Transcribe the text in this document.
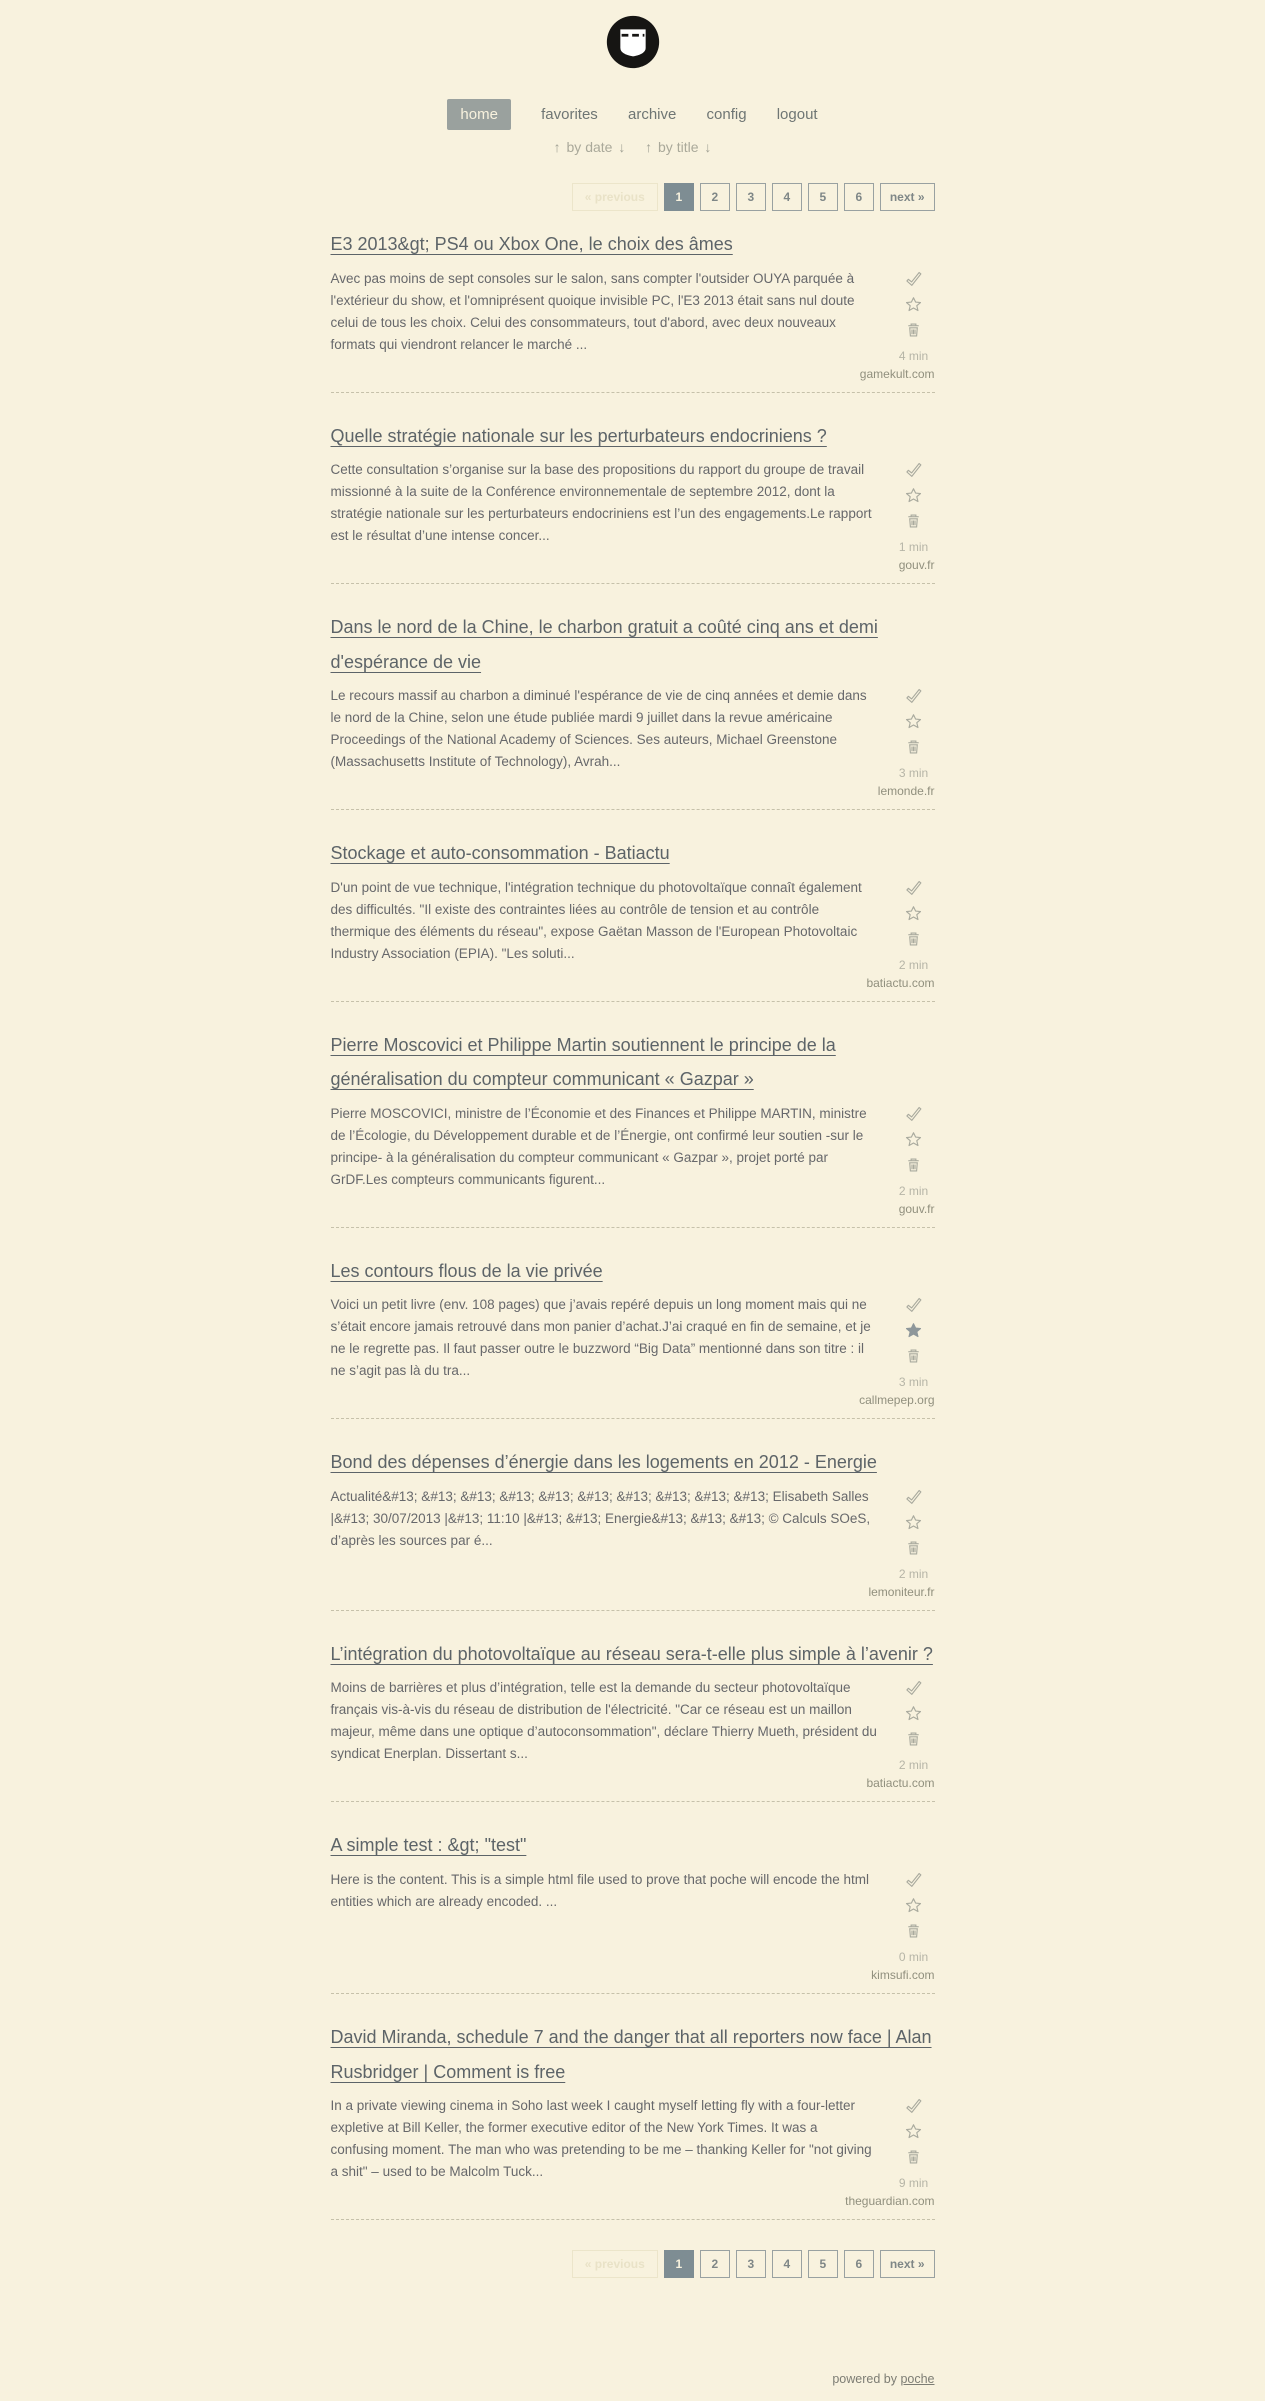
home	favorites archive config logout
↑ by date ↓ ↑ by title ↓
« previous	1	2	3	4	5	6	next »
E3 2013&gt; PS4 ou Xbox One, le choix des âmes

Avec pas moins de sept consoles sur le salon, sans compter l'outsider OUYA parquée à l'extérieur du show, et l'omniprésent quoique invisible PC, l'E3 2013 était sans nul doute celui de tous les choix. Celui des consommateurs, tout d'abord, avec deux nouveaux formats qui viendront relancer le marché ...

4 min
gamekult.com
Quelle stratégie nationale sur les perturbateurs endocriniens ?

Cette consultation s’organise sur la base des propositions du rapport du groupe de travail missionné à la suite de la Conférence environnementale de septembre 2012, dont la stratégie nationale sur les perturbateurs endocriniens est l’un des engagements.Le rapport est le résultat d’une intense concer...

1 min
gouv.fr
Dans le nord de la Chine, le charbon gratuit a coûté cinq ans et demi d'espérance de vie

Le recours massif au charbon a diminué l'espérance de vie de cinq années et demie dans le nord de la Chine, selon une étude publiée mardi 9 juillet dans la revue américaine Proceedings of the National Academy of Sciences. Ses auteurs, Michael Greenstone (Massachusetts Institute of Technology), Avrah...

3 min
lemonde.fr
Stockage et auto-consommation - Batiactu

D'un point de vue technique, l'intégration technique du photovoltaïque connaît également des difficultés. "Il existe des contraintes liées au contrôle de tension et au contrôle thermique des éléments du réseau", expose Gaëtan Masson de l'European Photovoltaic Industry Association (EPIA). "Les soluti...

2 min
batiactu.com
Pierre Moscovici et Philippe Martin soutiennent le principe de la généralisation du compteur communicant « Gazpar »

Pierre MOSCOVICI, ministre de l’Économie et des Finances et Philippe MARTIN, ministre de l’Écologie, du Développement durable et de l’Énergie, ont confirmé leur soutien -sur le principe- à la généralisation du compteur communicant « Gazpar », projet porté par GrDF.Les compteurs communicants figurent...

2 min
gouv.fr
Les contours flous de la vie privée

Voici un petit livre (env. 108 pages) que j’avais repéré depuis un long moment mais qui ne s’était encore jamais retrouvé dans mon panier d’achat.J’ai craqué en fin de semaine, et je ne le regrette pas. Il faut passer outre le buzzword “Big Data” mentionné dans son titre : il ne s’agit pas là du tra...

3 min
callmepep.org
Bond des dépenses d’énergie dans les logements en 2012 - Energie

Actualité&#13; &#13; &#13; &#13; &#13; &#13; &#13; &#13; &#13; &#13; Elisabeth Salles |&#13; 30/07/2013 |&#13; 11:10 |&#13; &#13; Energie&#13; &#13; &#13; © Calculs SOeS, d’après les sources par é...

2 min
lemoniteur.fr
L’intégration du photovoltaïque au réseau sera-t-elle plus simple à l’avenir ?

Moins de barrières et plus d’intégration, telle est la demande du secteur photovoltaïque français vis-à-vis du réseau de distribution de l'électricité. "Car ce réseau est un maillon majeur, même dans une optique d’autoconsommation", déclare Thierry Mueth, président du syndicat Enerplan. Dissertant s...

2 min
batiactu.com
A simple test : &gt; "test"

Here is the content. This is a simple html file used to prove that poche will encode the html entities which are already encoded. ...

0 min
kimsufi.com
David Miranda, schedule 7 and the danger that all reporters now face | Alan Rusbridger | Comment is free

In a private viewing cinema in Soho last week I caught myself letting fly with a four-letter expletive at Bill Keller, the former executive editor of the New York Times. It was a confusing moment. The man who was pretending to be me – thanking Keller for "not giving a shit" – used to be Malcolm Tuck...

9 min
theguardian.com
« previous	1	2	3	4	5	6	next »
powered by poche
